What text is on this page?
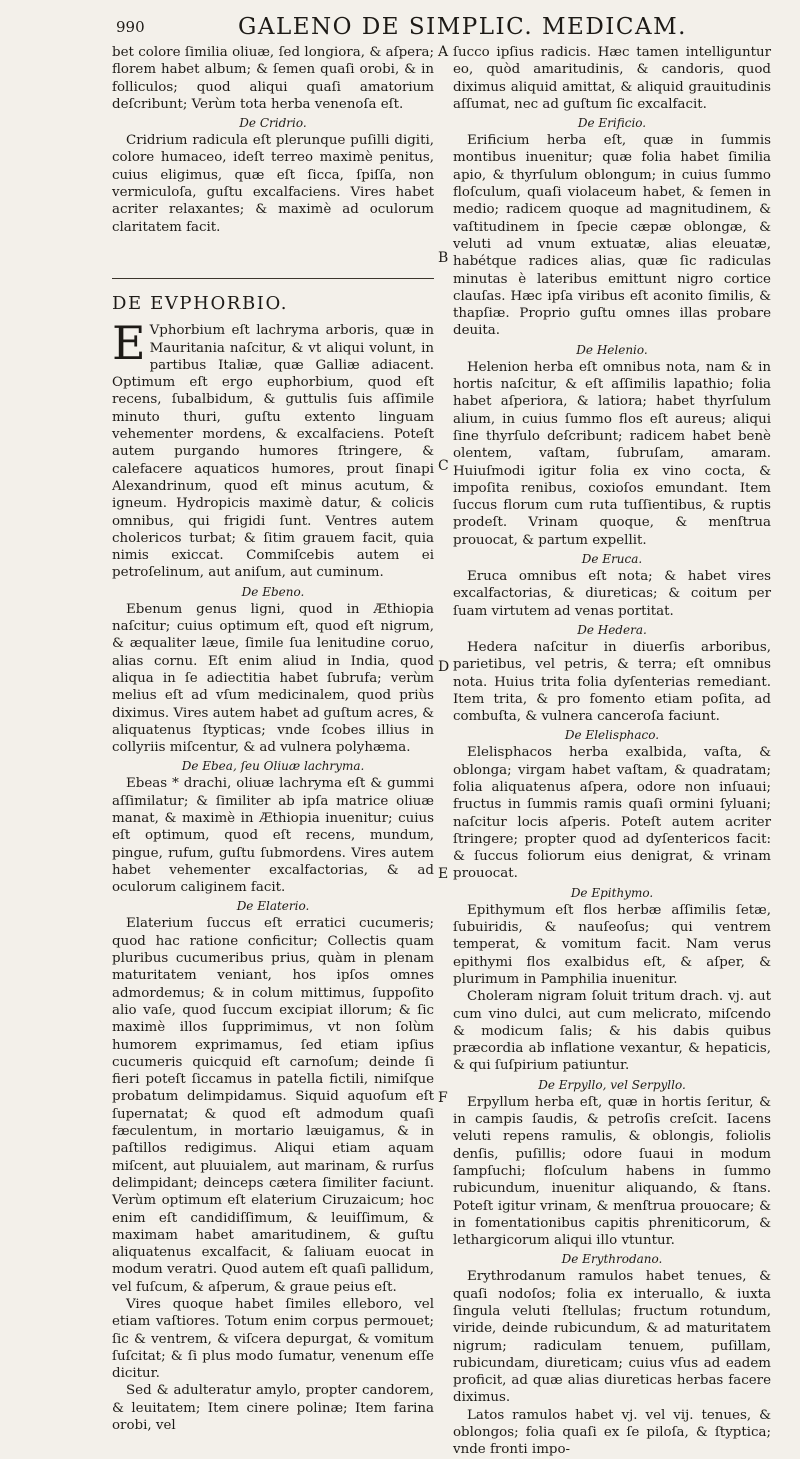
990	GALENO DE SIMPLIC. MEDICAM.
A
B
C
D
E
F

bet colore ſimilia oliuæ, ſed longiora, & aſpera; florem habet album; & ſemen quaſi orobi, & in folliculos; quod aliqui quaſi amatorium deſcribunt; Verùm tota herba venenoſa eſt.

De Cridrio.

Cridrium radicula eſt plerunque puſilli digiti, colore humaceo, ideſt terreo maximè penitus, cuius eligimus, quæ eſt ſicca, ſpiſſa, non vermiculoſa, guſtu excalfaciens. Vires habet acriter relaxantes; & maximè ad oculorum claritatem facit.

DE EVPHORBIO.

E Vphorbium eſt lachryma arboris, quæ in Mauritania naſcitur, & vt aliqui volunt, in partibus Italiæ, quæ Galliæ adiacent. Optimum eſt ergo euphorbium, quod eſt recens, ſubalbidum, & guttulis ſuis aſſimile minuto thuri, guſtu extento linguam vehementer mordens, & excalfaciens. Poteſt autem purgando humores ſtringere, & calefacere aquaticos humores, prout ſinapi Alexandrinum, quod eſt minus acutum, & igneum. Hydropicis maximè datur, & colicis omnibus, qui frigidi ſunt. Ventres autem cholericos turbat; & ſitim grauem facit, quia nimis exiccat. Commiſcebis autem ei petroſelinum, aut aniſum, aut cuminum.

De Ebeno.

Ebenum genus ligni, quod in Æthiopia naſcitur; cuius optimum eſt, quod eſt nigrum, & æqualiter læue, ſimile ſua lenitudine coruo, alias cornu. Eſt enim aliud in India, quod aliqua in ſe adiectitia habet ſubrufa; verùm melius eſt ad vſum medicinalem, quod priùs diximus. Vires autem habet ad guſtum acres, & aliquatenus ſtypticas; vnde ſcobes illius in collyriis miſcentur, & ad vulnera polyhæma.

De Ebea, ſeu Oliuæ lachryma.

Ebeas * drachi, oliuæ lachryma eſt & gummi aſſimilatur; & ſimiliter ab ipſa matrice oliuæ manat, & maximè in Æthiopia inuenitur; cuius eſt optimum, quod eſt recens, mundum, pingue, rufum, guſtu ſubmordens. Vires autem habet vehementer excalfactorias, & ad oculorum caliginem facit.

De Elaterio.

Elaterium ſuccus eſt erratici cucumeris; quod hac ratione conficitur; Collectis quam pluribus cucumeribus prius, quàm in plenam maturitatem veniant, hos ipſos omnes admordemus; & in colum mittimus, ſuppoſito alio vaſe, quod ſuccum excipiat illorum; & ſic maximè illos ſupprimimus, vt non ſolùm humorem exprimamus, ſed etiam ipſius cucumeris quicquid eſt carnoſum; deinde ſi fieri poteſt ſiccamus in patella fictili, nimiſque probatum delimpidamus. Siquid aquoſum eſt ſupernatat; & quod eſt admodum quaſi fæculentum, in mortario læuigamus, & in paſtillos redigimus. Aliqui etiam aquam miſcent, aut pluuialem, aut marinam, & rurſus delimpidant; deinceps cætera ſimiliter faciunt. Verùm optimum eſt elaterium Ciruzaicum; hoc enim eſt candidiſſimum, & leuiſſimum, & maximam habet amaritudinem, & guſtu aliquatenus excalfacit, & ſaliuam euocat in modum veratri. Quod autem eſt quaſi pallidum, vel fuſcum, & aſperum, & graue peius eſt.

Vires quoque habet ſimiles elleboro, vel etiam vaſtiores. Totum enim corpus permouet; ſic & ventrem, & viſcera depurgat, & vomitum ſuſcitat; & ſi plus modo ſumatur, venenum eſſe dicitur.

Sed & adulteratur amylo, propter candorem, & leuitatem; Item cinere polinæ; Item farina orobi, vel

ſucco ipſius radicis. Hæc tamen intelliguntur eo, quòd amaritudinis, & candoris, quod diximus aliquid amittat, & aliquid grauitudinis aſſumat, nec ad guſtum ſic excalfacit.

De Erificio.

Erificium herba eſt, quæ in ſummis montibus inuenitur; quæ folia habet ſimilia apio, & thyrſulum oblongum; in cuius ſummo floſculum, quaſi violaceum habet, & ſemen in medio; radicem quoque ad magnitudinem, & vaſtitudinem in ſpecie cæpæ oblongæ, & veluti ad vnum extuatæ, alias eleuatæ, habétque radices alias, quæ ſic radiculas minutas è lateribus emittunt nigro cortice clauſas. Hæc ipſa viribus eſt aconito ſimilis, & thapſiæ. Proprio guſtu omnes illas probare deuita.

De Helenio.

Helenion herba eſt omnibus nota, nam & in hortis naſcitur, & eſt aſſimilis lapathio; folia habet aſperiora, & latiora; habet thyrſulum alium, in cuius ſummo flos eſt aureus; aliqui ſine thyrſulo deſcribunt; radicem habet benè olentem, vaſtam, ſubruſam, amaram. Huiuſmodi igitur folia ex vino cocta, & impoſita renibus, coxioſos emundant. Item ſuccus florum cum ruta tuſſientibus, & ruptis prodeſt. Vrinam quoque, & menſtrua prouocat, & partum expellit.

De Eruca.

Eruca omnibus eſt nota; & habet vires excalfactorias, & diureticas; & coitum per ſuam virtutem ad venas portitat.

De Hedera.

Hedera naſcitur in diuerſis arboribus, parietibus, vel petris, & terra; eſt omnibus nota. Huius trita folia dyſenterias remediant. Item trita, & pro fomento etiam poſita, ad combuſta, & vulnera canceroſa faciunt.

De Elelisphaco.

Elelisphacos herba exalbida, vaſta, & oblonga; virgam habet vaſtam, & quadratam; folia aliquatenus aſpera, odore non inſuaui; fructus in ſummis ramis quaſi ormini ſyluani; naſcitur locis aſperis. Poteſt autem acriter ſtringere; propter quod ad dyſentericos facit: & ſuccus foliorum eius denigrat, & vrinam prouocat.

De Epithymo.

Epithymum eſt flos herbæ aſſimilis ſetæ, ſubuiridis, & nauſeoſus; qui ventrem temperat, & vomitum facit. Nam verus epithymi flos exalbidus eſt, & aſper, & plurimum in Pamphilia inuenitur.

Choleram nigram ſoluit tritum drach. vj. aut cum vino dulci, aut cum melicrato, miſcendo & modicum ſalis; & his dabis quibus præcordia ab inflatione vexantur, & hepaticis, & qui ſuſpirium patiuntur.

De Erpyllo, vel Serpyllo.

Erpyllum herba eſt, quæ in hortis ſeritur, & in campis ſaudis, & petroſis creſcit. Iacens veluti repens ramulis, & oblongis, foliolis denſis, puſillis; odore ſuaui in modum ſampſuchi; floſculum habens in ſummo rubicundum, inuenitur aliquando, & ſtans. Poteſt igitur vrinam, & menſtrua prouocare; & in fomentationibus capitis phreniticorum, & lethargicorum aliqui illo vtuntur.

De Erythrodano.

Erythrodanum ramulos habet tenues, & quaſi nodoſos; folia ex interuallo, & iuxta ſingula veluti ſtellulas; fructum rotundum, viride, deinde rubicundum, & ad maturitatem nigrum; radiculam tenuem, puſillam, rubicundam, diureticam; cuius vſus ad eadem proficit, ad quæ alias diureticas herbas facere diximus.

Latos ramulos habet vj. vel vij. tenues, & oblongos; folia quaſi ex ſe piloſa, & ſtyptica; vnde fronti impo-
